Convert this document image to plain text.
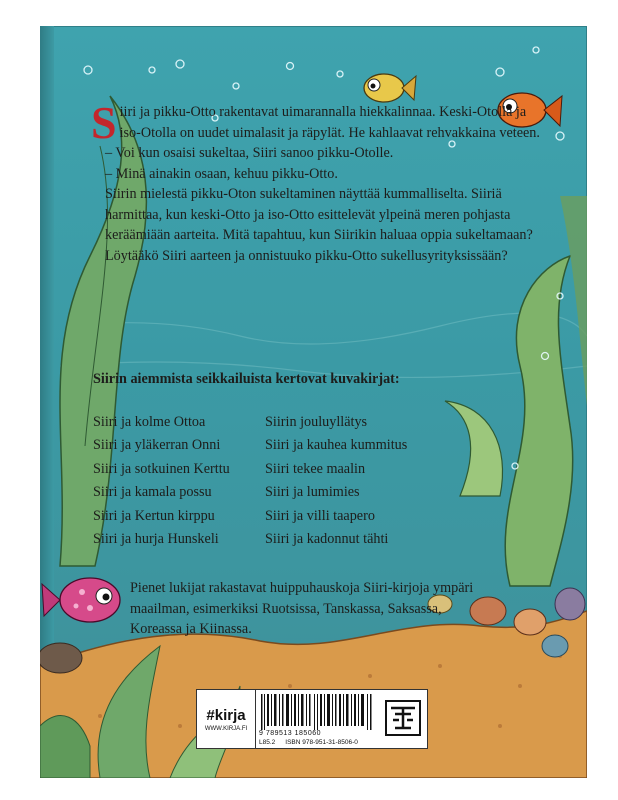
Siiri ja pikku-Otto rakentavat uimarannalla hiekkalinnaa. Keski-Otolla ja iso-Otolla on uudet uimalasit ja räpylät. He kahlaavat rehvakkaina veteen.

– Voi kun osaisi sukeltaa, Siiri sanoo pikku-Otolle.

– Minä ainakin osaan, kehuu pikku-Otto.

Siirin mielestä pikku-Oton sukeltaminen näyttää kummalliselta. Siiriä harmittaa, kun keski-Otto ja iso-Otto esittelevät ylpeinä meren pohjasta keräämiään aarteita. Mitä tapahtuu, kun Siirikin haluaa oppia sukeltamaan? Löytääkö Siiri aarteen ja onnistuuko pikku-Otto sukellusyrityksissään?

Siirin aiemmista seikkailuista kertovat kuvakirjat:
Siiri ja kolme Ottoa
Siiri ja yläkerran Onni
Siiri ja sotkuinen Kerttu
Siiri ja kamala possu
Siiri ja Kertun kirppu
Siiri ja hurja Hunskeli
Siirin jouluyllätys
Siiri ja kauhea kummitus
Siiri tekee maalin
Siiri ja lumimies
Siiri ja villi taapero
Siiri ja kadonnut tähti
Pienet lukijat rakastavat huippuhauskoja Siiri-kirjoja ympäri maailman, esimerkiksi Ruotsissa, Tanskassa, Saksassa, Koreassa ja Kiinassa.
#kirja
WWW.KIRJA.FI
9 789513 185060
L85.2 ISBN 978-951-31-8506-0
